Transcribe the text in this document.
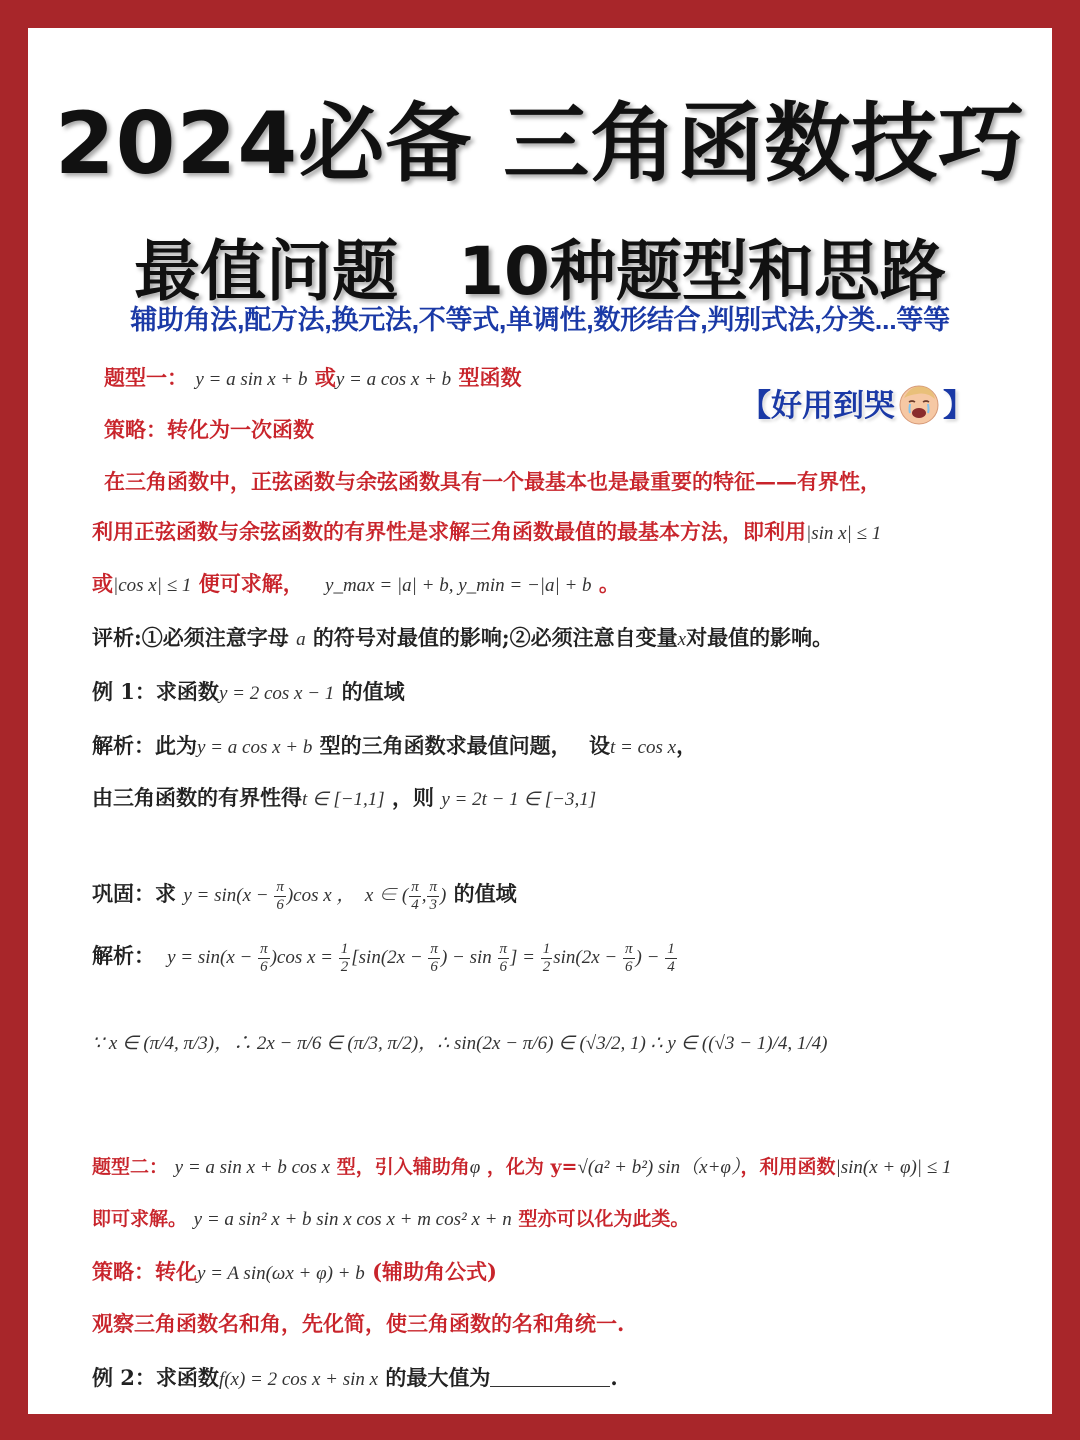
2024必备 三角函数技巧
最值问题 10种题型和思路
辅助角法,配方法,换元法,不等式,单调性,数形结合,判别式法,分类...等等
【好用到哭 】
题型一： y = a sin x + b 或y = a cos x + b 型函数
策略：转化为一次函数
在三角函数中，正弦函数与余弦函数具有一个最基本也是最重要的特征——有界性，
利用正弦函数与余弦函数的有界性是求解三角函数最值的最基本方法，即利用|sin x| ≤ 1
或|cos x| ≤ 1 便可求解， y_max = |a| + b, y_min = −|a| + b 。
评析:①必须注意字母 a 的符号对最值的影响;②必须注意自变量x对最值的影响。
例 1：求函数y = 2 cos x − 1 的值域
解析：此为y = a cos x + b 型的三角函数求最值问题， 设t = cos x，
由三角函数的有界性得t ∈ [−1,1] ，则 y = 2t − 1 ∈ [−3,1]
巩固：求 $y = \sin(x - \frac{\pi}{6} )\cos$ x ，  x ∈ ( $\frac{\pi}{4}$ , $\frac{\pi}{3}$ ) 的值域
解析：  $y = \sin(x - \frac{\pi}{6} )\cos$ $x = \frac{1}{2} [\sin(2x - \frac{\pi}{6}$ ) − $\sin \frac{\pi}{6}$ ] = $\frac{1}{2} \sin(2x - \frac{\pi}{6}$ ) − $\frac{1}{4}$
∵ x ∈ (π/4, π/3)，∴ 2x − π/6 ∈ (π/3, π/2)，∴ sin(2x − π/6) ∈ (√3/2, 1) ∴ y ∈ ((√3 − 1)/4, 1/4)
题型二： y = a sin x + b cos x 型，引入辅助角φ ，化为 y=√(a² + b²) sin（x+φ），利用函数|sin(x + φ)| ≤ 1
即可求解。 y = a sin² x + b sin x cos x + m cos² x + n 型亦可以化为此类。
策略：转化y = A sin(ωx + φ) + b (辅助角公式)
观察三角函数名和角，先化简，使三角函数的名和角统一.
例 2：求函数f(x) = 2 cos x + sin x 的最大值为	.
